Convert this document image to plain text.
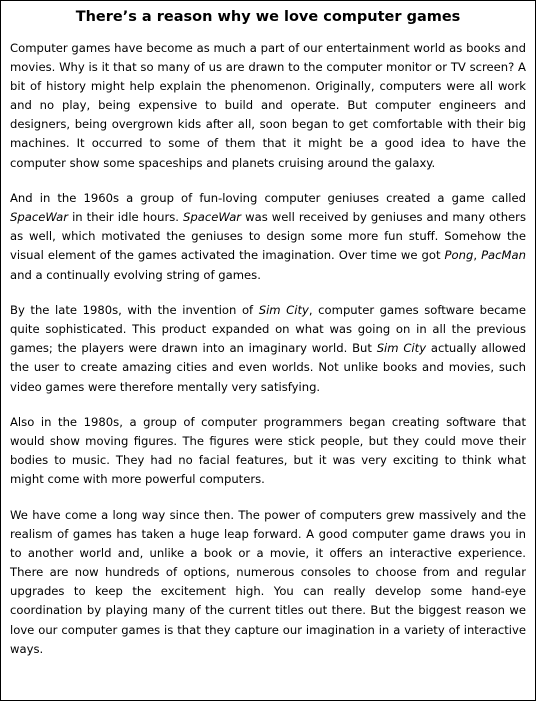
There’s a reason why we love computer games

Computer games have become as much a part of our entertainment world as books and movies. Why is it that so many of us are drawn to the computer monitor or TV screen? A bit of history might help explain the phenomenon. Originally, computers were all work and no play, being expensive to build and operate. But computer engineers and designers, being overgrown kids after all, soon began to get comfortable with their big machines. It occurred to some of them that it might be a good idea to have the computer show some spaceships and planets cruising around the galaxy.

And in the 1960s a group of fun-loving computer geniuses created a game called SpaceWar in their idle hours. SpaceWar was well received by geniuses and many others as well, which motivated the geniuses to design some more fun stuff. Somehow the visual element of the games activated the imagination. Over time we got Pong, PacMan and a continually evolving string of games.

By the late 1980s, with the invention of Sim City, computer games software became quite sophisticated. This product expanded on what was going on in all the previous games; the players were drawn into an imaginary world. But Sim City actually allowed the user to create amazing cities and even worlds. Not unlike books and movies, such video games were therefore mentally very satisfying.

Also in the 1980s, a group of computer programmers began creating software that would show moving figures. The figures were stick people, but they could move their bodies to music. They had no facial features, but it was very exciting to think what might come with more powerful computers.

We have come a long way since then. The power of computers grew massively and the realism of games has taken a huge leap forward. A good computer game draws you in to another world and, unlike a book or a movie, it offers an interactive experience. There are now hundreds of options, numerous consoles to choose from and regular upgrades to keep the excitement high. You can really develop some hand-eye coordination by playing many of the current titles out there. But the biggest reason we love our computer games is that they capture our imagination in a variety of interactive ways.
